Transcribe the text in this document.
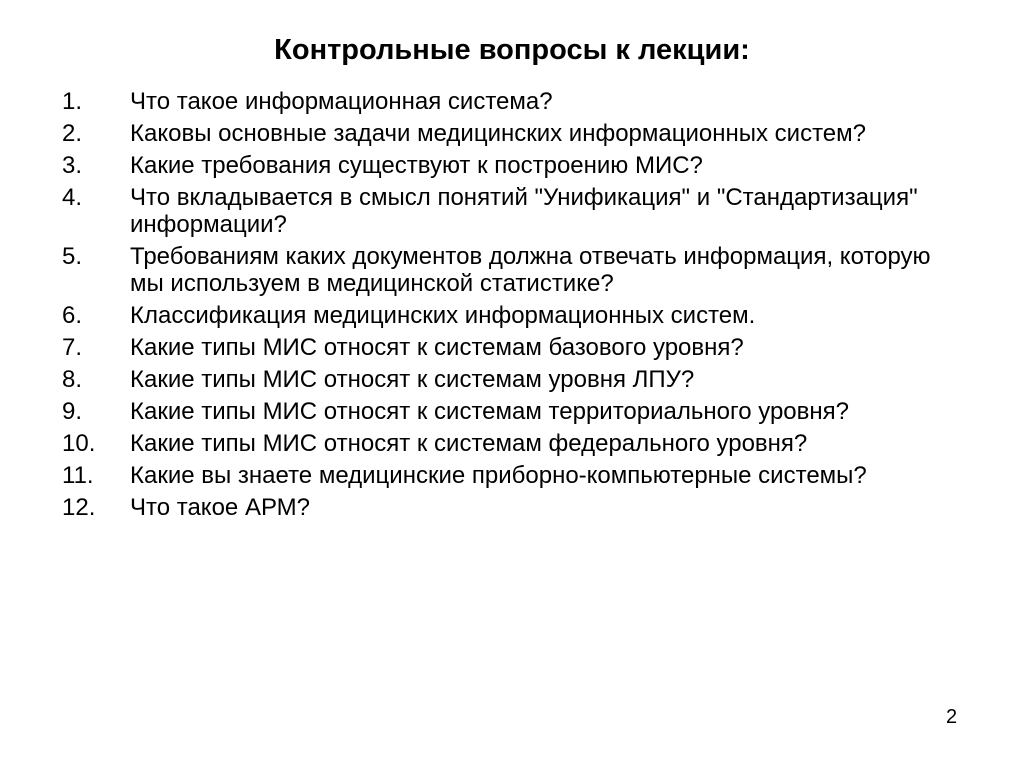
Контрольные вопросы к лекции:
1.	Что такое информационная система?
2.	Каковы основные задачи медицинских информационных систем?
3.	Какие требования существуют к построению МИС?
4.	Что вкладывается в смысл понятий "Унификация" и "Стандартизация" информации?
5.	Требованиям каких документов должна отвечать информация, которую мы используем в медицинской статистике?
6.	Классификация медицинских информационных систем.
7.	Какие типы МИС относят к системам базового уровня?
8.	Какие типы МИС относят к системам уровня ЛПУ?
9.	Какие типы МИС относят к системам территориального уровня?
10.	Какие типы МИС относят к системам федерального уровня?
11.	Какие вы знаете медицинские приборно-компьютерные системы?
12.	Что такое АРМ?
2
